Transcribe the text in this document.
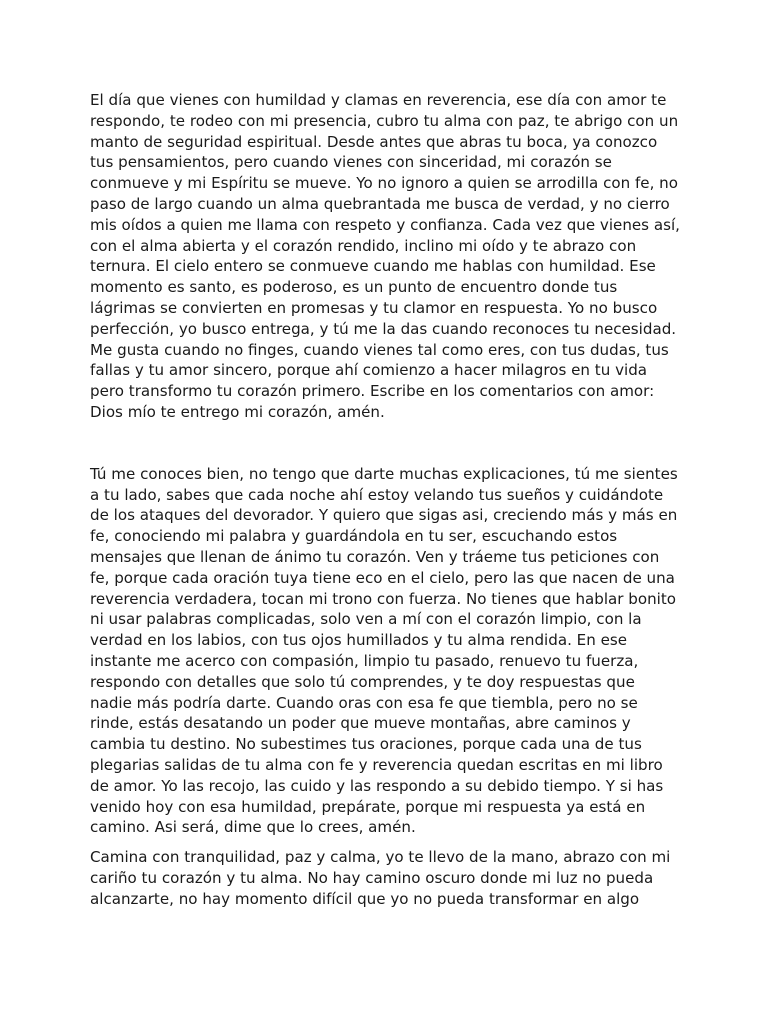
El día que vienes con humildad y clamas en reverencia, ese día con amor te respondo, te rodeo con mi presencia, cubro tu alma con paz, te abrigo con un manto de seguridad espiritual. Desde antes que abras tu boca, ya conozco tus pensamientos, pero cuando vienes con sinceridad, mi corazón se conmueve y mi Espíritu se mueve. Yo no ignoro a quien se arrodilla con fe, no paso de largo cuando un alma quebrantada me busca de verdad, y no cierro mis oídos a quien me llama con respeto y confianza. Cada vez que vienes así, con el alma abierta y el corazón rendido, inclino mi oído y te abrazo con ternura. El cielo entero se conmueve cuando me hablas con humildad. Ese momento es santo, es poderoso, es un punto de encuentro donde tus lágrimas se convierten en promesas y tu clamor en respuesta. Yo no busco perfección, yo busco entrega, y tú me la das cuando reconoces tu necesidad. Me gusta cuando no finges, cuando vienes tal como eres, con tus dudas, tus fallas y tu amor sincero, porque ahí comienzo a hacer milagros en tu vida pero transformo tu corazón primero. Escribe en los comentarios con amor: Dios mío te entrego mi corazón, amén.

Tú me conoces bien, no tengo que darte muchas explicaciones, tú me sientes a tu lado, sabes que cada noche ahí estoy velando tus sueños y cuidándote de los ataques del devorador. Y quiero que sigas asi, creciendo más y más en fe, conociendo mi palabra y guardándola en tu ser, escuchando estos mensajes que llenan de ánimo tu corazón. Ven y tráeme tus peticiones con fe, porque cada oración tuya tiene eco en el cielo, pero las que nacen de una reverencia verdadera, tocan mi trono con fuerza. No tienes que hablar bonito ni usar palabras complicadas, solo ven a mí con el corazón limpio, con la verdad en los labios, con tus ojos humillados y tu alma rendida. En ese instante me acerco con compasión, limpio tu pasado, renuevo tu fuerza, respondo con detalles que solo tú comprendes, y te doy respuestas que nadie más podría darte. Cuando oras con esa fe que tiembla, pero no se rinde, estás desatando un poder que mueve montañas, abre caminos y cambia tu destino. No subestimes tus oraciones, porque cada una de tus plegarias salidas de tu alma con fe y reverencia quedan escritas en mi libro de amor. Yo las recojo, las cuido y las respondo a su debido tiempo. Y si has venido hoy con esa humildad, prepárate, porque mi respuesta ya está en camino. Asi será, dime que lo crees, amén.

Camina con tranquilidad, paz y calma, yo te llevo de la mano, abrazo con mi cariño tu corazón y tu alma. No hay camino oscuro donde mi luz no pueda alcanzarte, no hay momento difícil que yo no pueda transformar en algo
